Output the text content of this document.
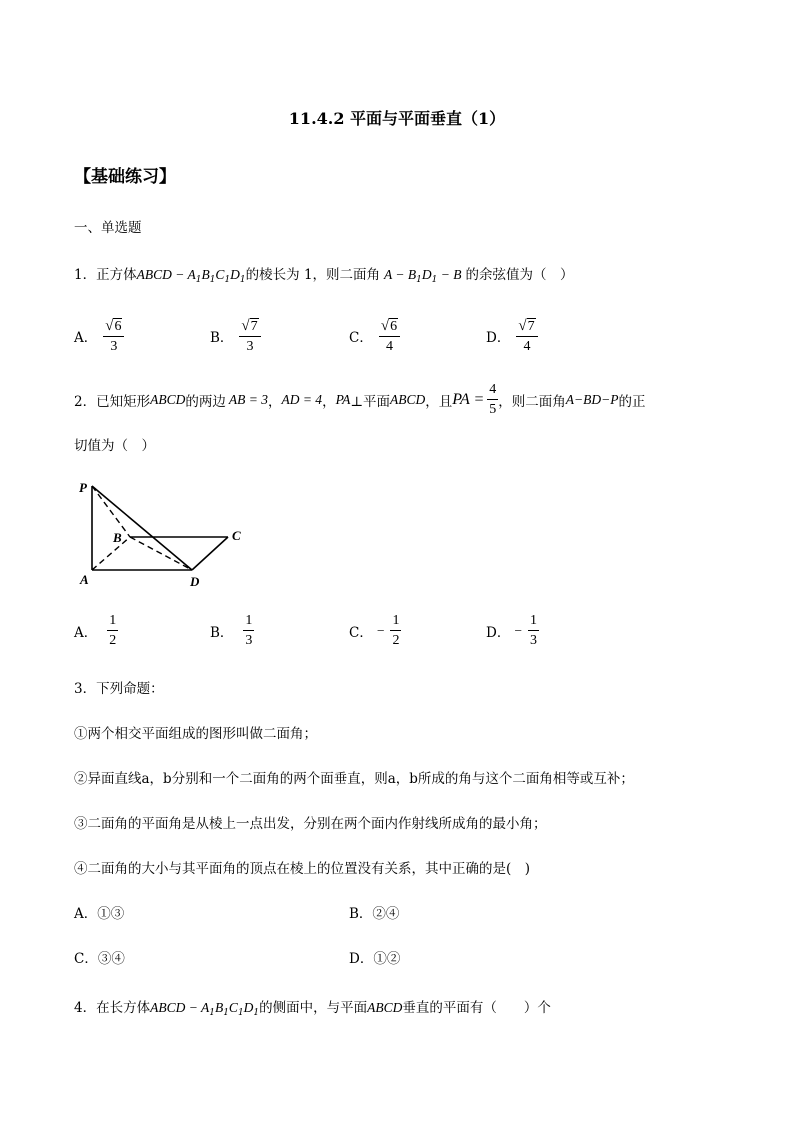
11.4.2 平面与平面垂直（1）
【基础练习】
一、单选题
1．正方体ABCD − $A_1B_1C_1D_1$的棱长为 1，则二面角 $A - B_1D_1 - B$ 的余弦值为（　）
A． $\frac{√ 6}{3}$	B． $\frac{√ 7}{3}$	C． $\frac{√ 6}{4}$	D． $\frac{√ 7}{4}$
2．已知矩形 ABCD 的两边 AB = 3 ， AD = 4 ， PA ⊥平面 ABCD ，且 PA = $\frac{4}{5}$ ，则二面角 A−BD−P 的正
切值为（　）
P
B	C
A	D
A． $\frac{1}{2}$	B． $\frac{1}{3}$	C． − $\frac{1}{2}$	D． − $\frac{1}{3}$
3．下列命题：
①两个相交平面组成的图形叫做二面角；
②异面直线a，b分别和一个二面角的两个面垂直，则a，b所成的角与这个二面角相等或互补；
③二面角的平面角是从棱上一点出发，分别在两个面内作射线所成角的最小角；
④二面角的大小与其平面角的顶点在棱上的位置没有关系，其中正确的是(　)
A．①③	B．②④
C．③④	D．①②
4．在长方体ABCD − $A_1B_1C_1D_1$的侧面中，与平面ABCD垂直的平面有（　　）个
